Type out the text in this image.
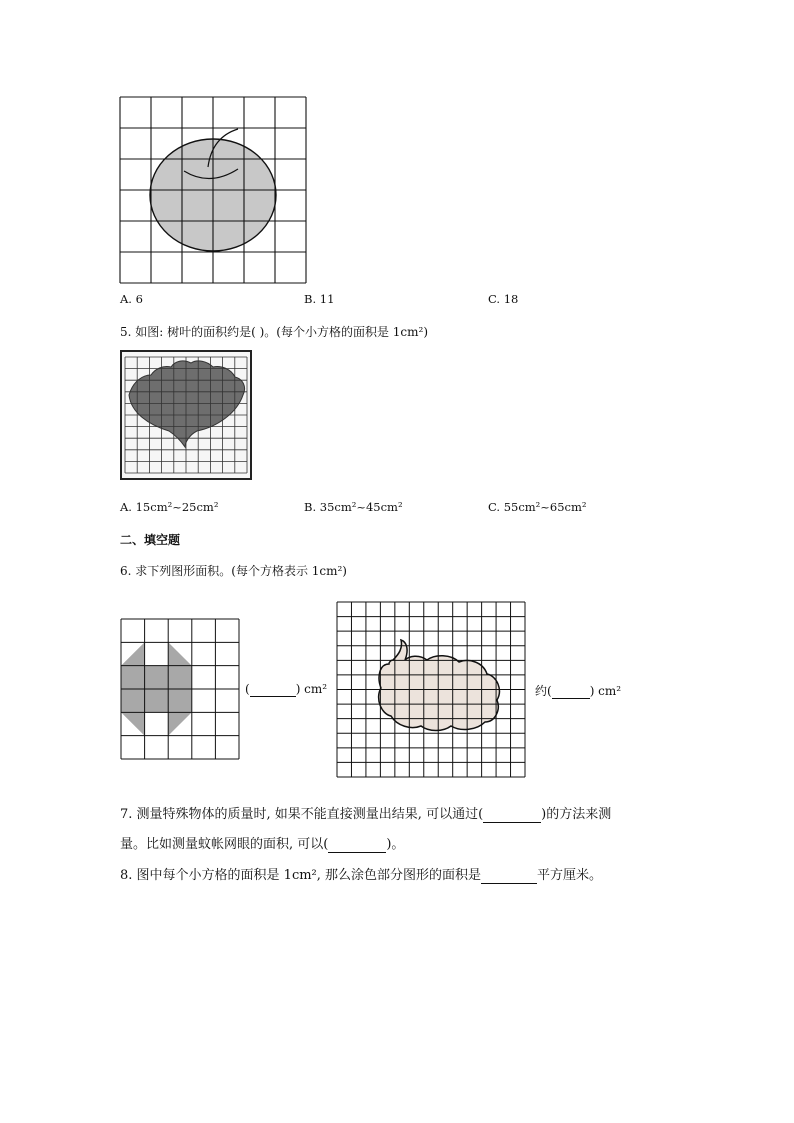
A. 6	B. 11	C. 18
5. 如图: 树叶的面积约是( )。(每个小方格的面积是 1cm²)
A. 15cm²~25cm²	B. 35cm²~45cm²	C. 55cm²~65cm²
二、填空题
6. 求下列图形面积。(每个方格表示 1cm²)
(	) cm²	约(	) cm²
7. 测量特殊物体的质量时, 如果不能直接测量出结果, 可以通过(	)的方法来测
量。比如测量蚊帐网眼的面积, 可以(	)。
8. 图中每个小方格的面积是 1cm², 那么涂色部分图形的面积是	平方厘米。
